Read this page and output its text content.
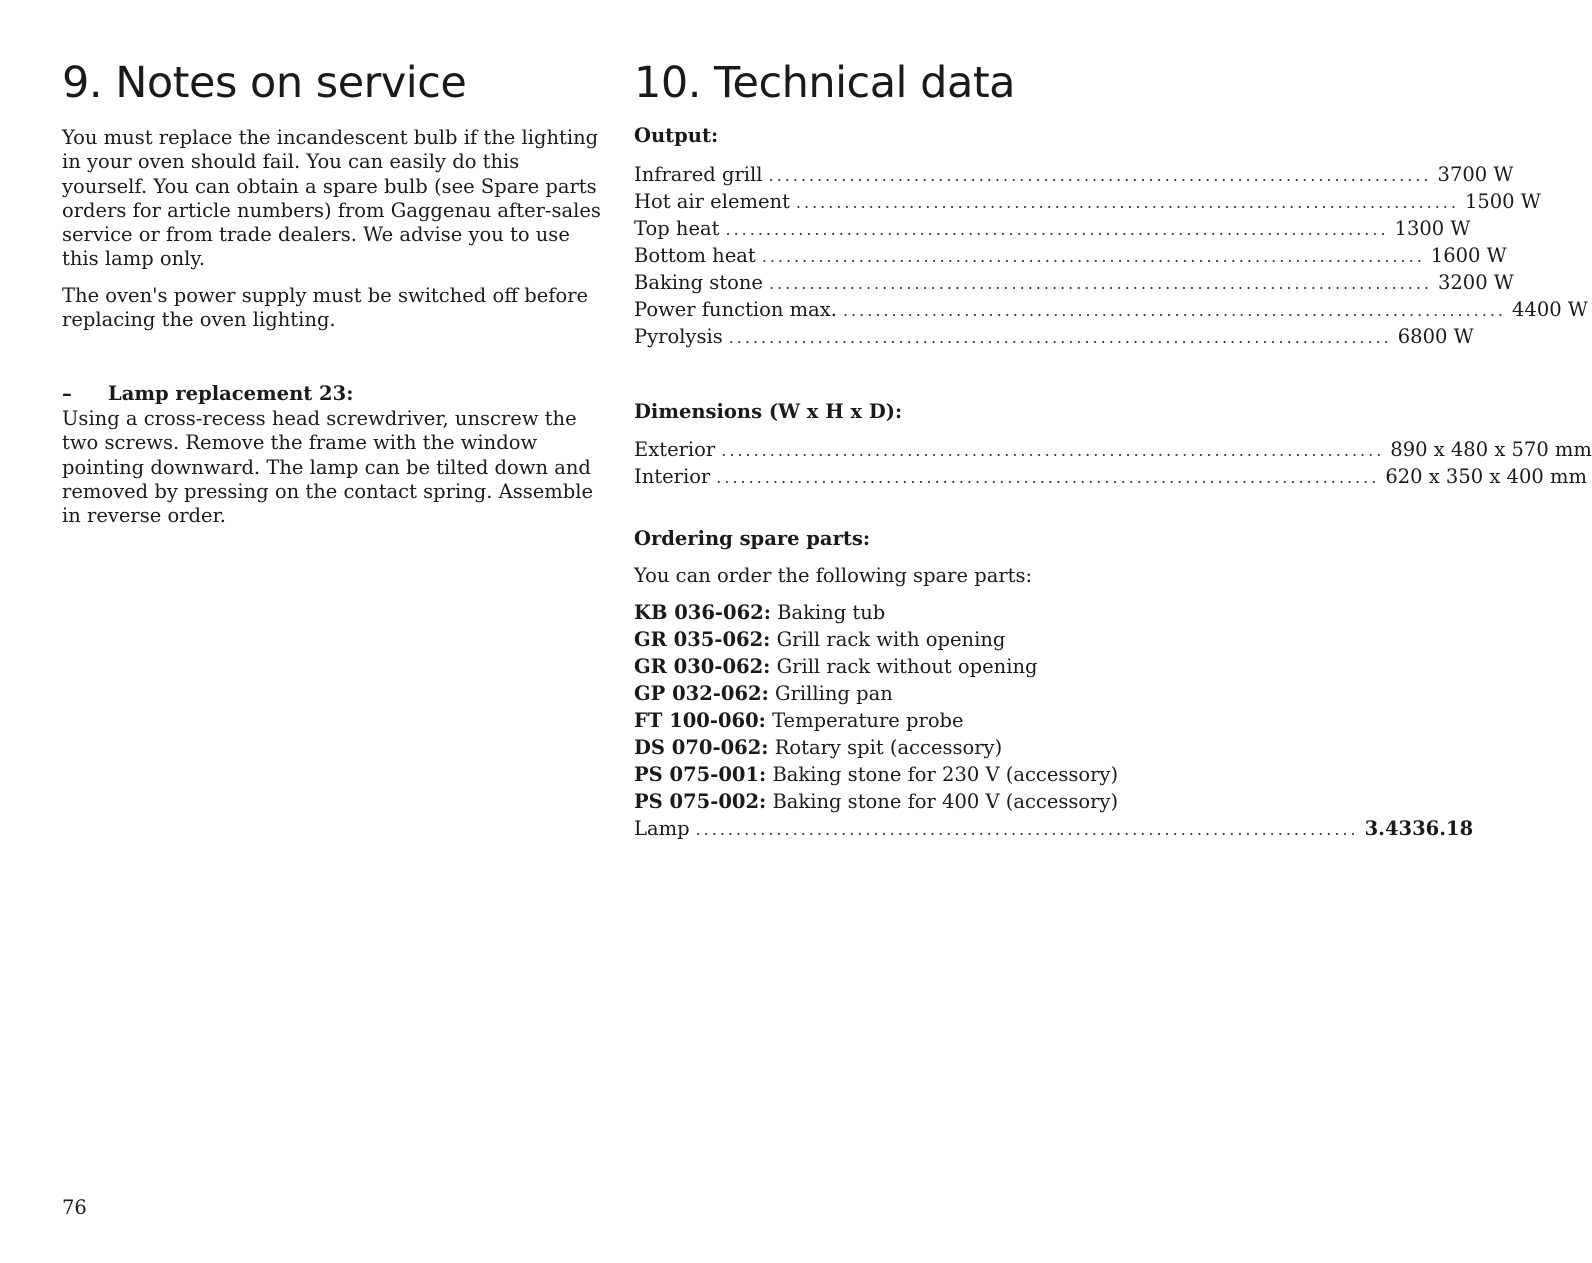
9. Notes on service

You must replace the incandescent bulb if the lighting in your oven should fail. You can easily do this yourself. You can obtain a spare bulb (see Spare parts orders for article numbers) from Gaggenau after-sales service or from trade dealers. We advise you to use this lamp only.

The oven's power supply must be switched off before replacing the oven lighting.

– Lamp replacement 23:

Using a cross-recess head screwdriver, unscrew the two screws. Remove the frame with the window pointing downward. The lamp can be tilted down and removed by pressing on the contact spring. Assemble in reverse order.

10. Technical data

Output:

Infrared grill .................................................................................. 3700 W
Hot air element .................................................................................. 1500 W
Top heat .................................................................................. 1300 W
Bottom heat .................................................................................. 1600 W
Baking stone .................................................................................. 3200 W
Power function max. .................................................................................. 4400 W
Pyrolysis .................................................................................. 6800 W

Dimensions (W x H x D):

Exterior .................................................................................. 890 x 480 x 570 mm
Interior .................................................................................. 620 x 350 x 400 mm

Ordering spare parts:

You can order the following spare parts:
KB 036-062: Baking tub
GR 035-062: Grill rack with opening
GR 030-062: Grill rack without opening
GP 032-062: Grilling pan
FT 100-060: Temperature probe
DS 070-062: Rotary spit (accessory)
PS 075-001: Baking stone for 230 V (accessory)
PS 075-002: Baking stone for 400 V (accessory)
Lamp .................................................................................. 3.4336.18

76
